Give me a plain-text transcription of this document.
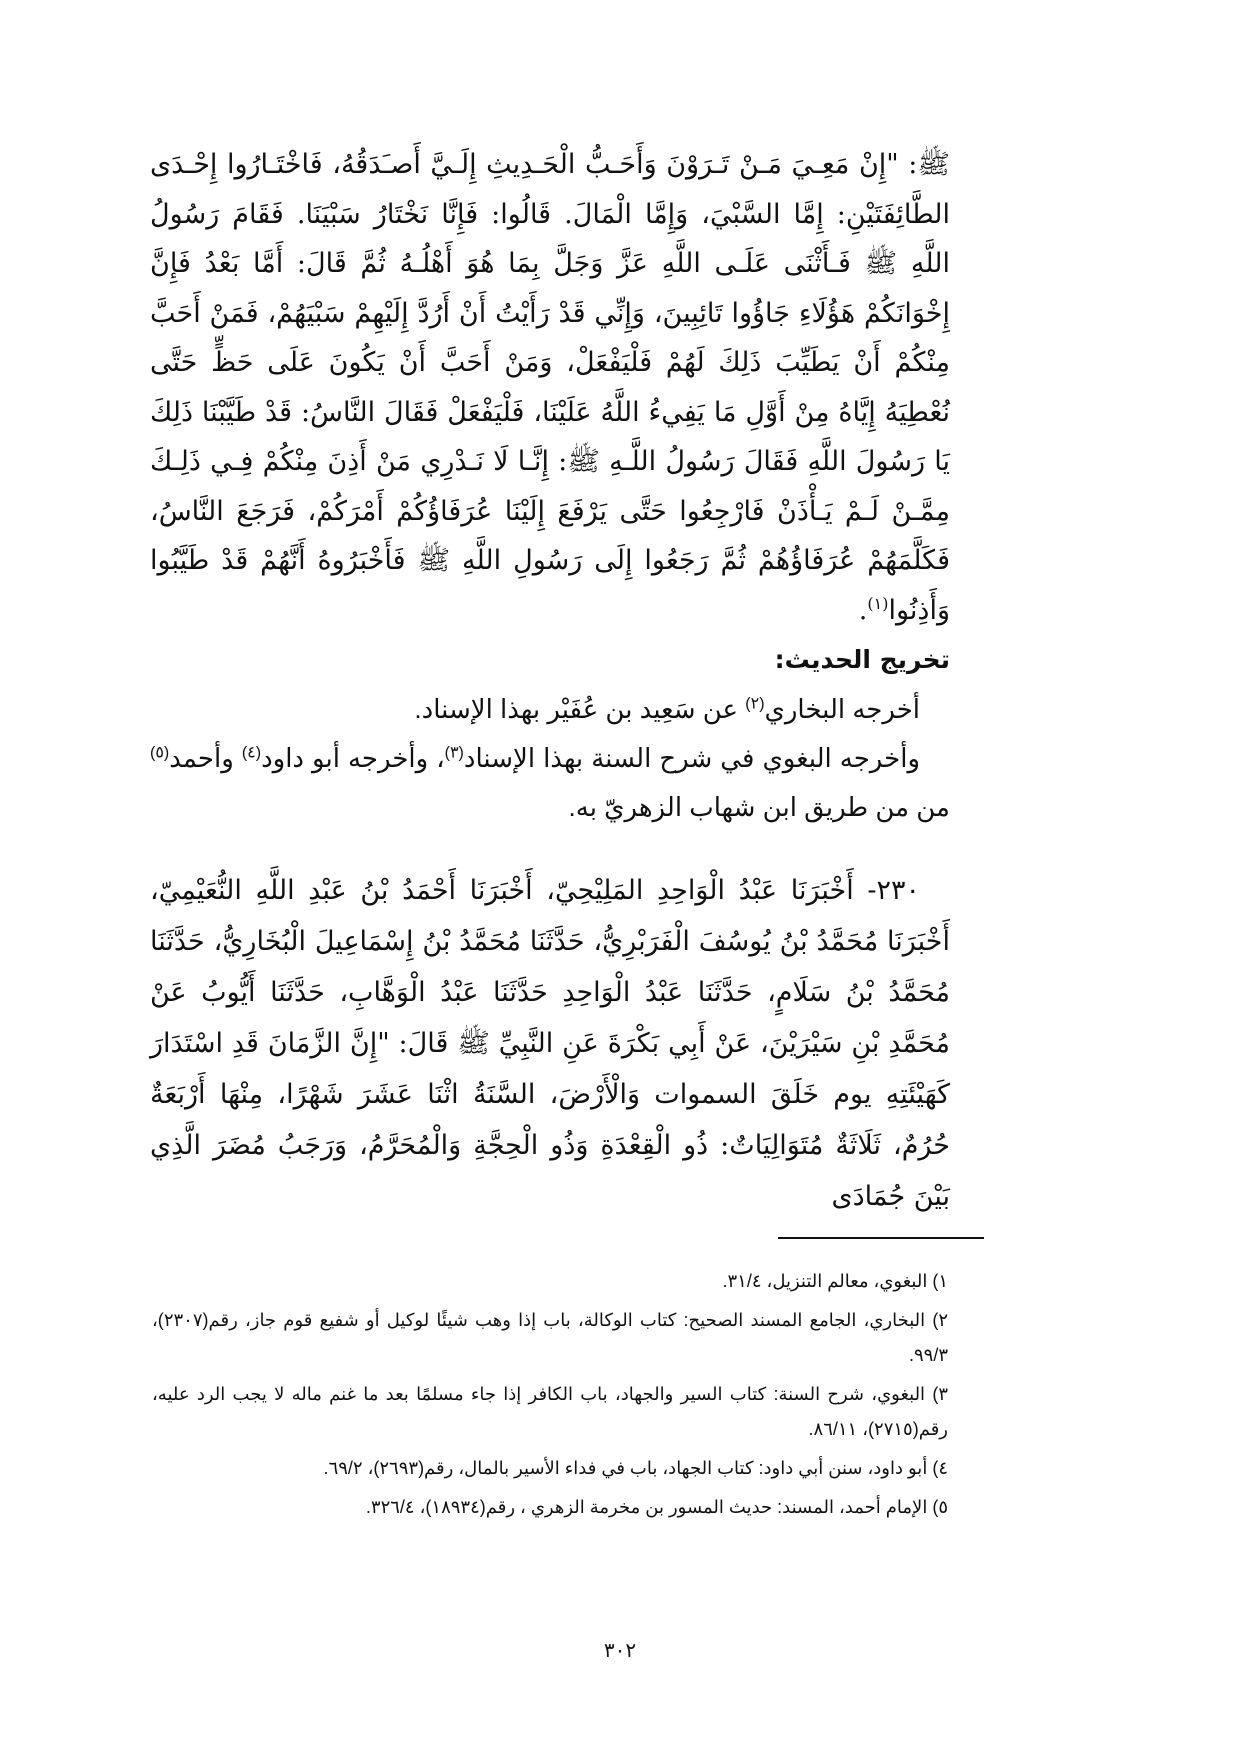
ﷺ: "إِنْ مَعِـيَ مَـنْ تَـرَوْنَ وَأَحَـبُّ الْحَـدِيثِ إِلَـيَّ أَصـَدَقُهُ، فَاخْتَـارُوا إِحْـدَى الطَّائِفَتَيْنِ: إِمَّا السَّبْيَ، وَإِمَّا الْمَالَ. قَالُوا: فَإِنَّا نَخْتَارُ سَبْيَنَا. فَقَامَ رَسُولُ اللَّهِ ﷺ فَـأَثْنَى عَلَـى اللَّهِ عَزَّ وَجَلَّ بِمَا هُوَ أَهْلُـهُ ثُمَّ قَالَ: أَمَّا بَعْدُ فَإِنَّ إِخْوَانَكُمْ هَؤُلَاءِ جَاؤُوا تَائِبِينَ، وَإِنِّي قَدْ رَأَيْتُ أَنْ أَرُدَّ إِلَيْهِمْ سَبْيَهُمْ، فَمَنْ أَحَبَّ مِنْكُمْ أَنْ يَطَيِّبَ ذَلِكَ لَهُمْ فَلْيَفْعَلْ، وَمَنْ أَحَبَّ أَنْ يَكُونَ عَلَى حَظٍّ حَتَّى نُعْطِيَهُ إِيَّاهُ مِنْ أَوَّلِ مَا يَفِيءُ اللَّهُ عَلَيْنَا، فَلْيَفْعَلْ فَقَالَ النَّاسُ: قَدْ طَيَّبْنَا ذَلِكَ يَا رَسُولَ اللَّهِ فَقَالَ رَسُولُ اللَّـهِ ﷺ: إِنَّـا لَا نَـدْرِي مَنْ أَذِنَ مِنْكُمْ فِـي ذَلِـكَ مِمَّـنْ لَـمْ يَـأْذَنْ فَارْجِعُوا حَتَّى يَرْفَعَ إِلَيْنَا عُرَفَاؤُكُمْ أَمْرَكُمْ، فَرَجَعَ النَّاسُ، فَكَلَّمَهُمْ عُرَفَاؤُهُمْ ثُمَّ رَجَعُوا إِلَى رَسُولِ اللَّهِ ﷺ فَأَخْبَرُوهُ أَنَّهُمْ قَدْ طَيَّبُوا وَأَذِنُوا$^{(١)}$.

تخريج الحديث:

أخرجه البخاري$^{(٢)}$ عن سَعِيد بن عُفَيْر بهذا الإسناد.

وأخرجه البغوي في شرح السنة بهذا الإسناد$^{(٣)}$، وأخرجه أبو داود$^{(٤)}$ وأحمد$^{(٥)}$ من من طريق ابن شهاب الزهريّ به.

٢٣٠- أَخْبَرَنَا عَبْدُ الْوَاحِدِ المَلِيْحِيّ، أَخْبَرَنَا أَحْمَدُ بْنُ عَبْدِ اللَّهِ النُّعَيْمِيّ، أَخْبَرَنَا مُحَمَّدُ بْنُ يُوسُفَ الْفَرَبْرِيُّ، حَدَّثَنَا مُحَمَّدُ بْنُ إِسْمَاعِيلَ الْبُخَارِيُّ، حَدَّثَنَا مُحَمَّدُ بْنُ سَلَامٍ، حَدَّثَنَا عَبْدُ الْوَاحِدِ حَدَّثَنَا عَبْدُ الْوَهَّابِ، حَدَّثَنَا أَيُّوبُ عَنْ مُحَمَّدِ بْنِ سَيْرَيْنَ، عَنْ أَبِي بَكْرَةَ عَنِ النَّبِيِّ ﷺ قَالَ: "إِنَّ الزَّمَانَ قَدِ اسْتَدَارَ كَهَيْئَتِهِ يوم خَلَقَ السموات وَالْأَرْضَ، السَّنَةُ اثْنَا عَشَرَ شَهْرًا، مِنْهَا أَرْبَعَةٌ حُرُمٌ، ثَلَاثَةٌ مُتَوَالِيَاتٌ: ذُو الْقِعْدَةِ وَذُو الْحِجَّةِ وَالْمُحَرَّمُ، وَرَجَبُ مُضَرَ الَّذِي بَيْنَ جُمَادَى

١) البغوي، معالم التنزيل، ٣١/٤.

٢) البخاري، الجامع المسند الصحيح: كتاب الوكالة، باب إذا وهب شيئًا لوكيل أو شفيع قوم جاز، رقم(٢٣٠٧)، ٩٩/٣.

٣) البغوي، شرح السنة: كتاب السير والجهاد، باب الكافر إذا جاء مسلمًا بعد ما غنم ماله لا يجب الرد عليه، رقم(٢٧١٥)، ٨٦/١١.

٤) أبو داود، سنن أبي داود: كتاب الجهاد، باب في فداء الأسير بالمال، رقم(٢٦٩٣)، ٦٩/٢.

٥) الإمام أحمد، المسند: حديث المسور بن مخرمة الزهري ، رقم(١٨٩٣٤)، ٣٢٦/٤.

٣٠٢
